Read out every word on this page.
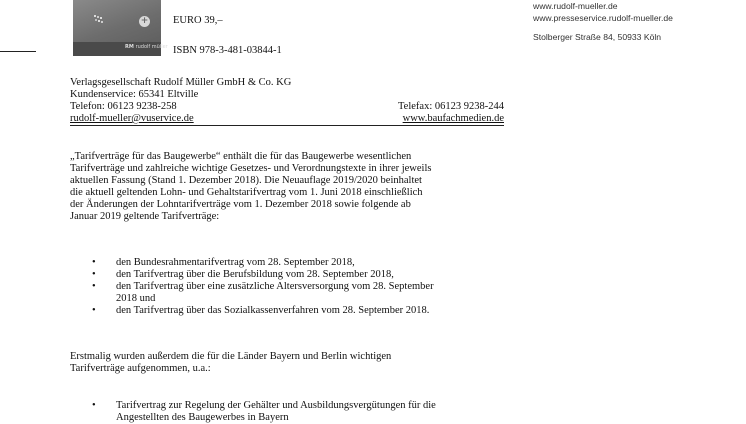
+
RM rudolf müller
EURO 39,–
ISBN 978-3-481-03844-1
www.rudolf-mueller.de
www.presseservice.rudolf-mueller.de
Stolberger Straße 84, 50933 Köln
Verlagsgesellschaft Rudolf Müller GmbH & Co. KG
Kundenservice: 65341 Eltville
Telefon: 06123 9238-258	Telefax: 06123 9238-244
rudolf-mueller@vuservice.de	www.baufachmedien.de
„Tarifverträge für das Baugewerbe“ enthält die für das Baugewerbe wesentlichen
Tarifverträge und zahlreiche wichtige Gesetzes- und Verordnungstexte in ihrer jeweils
aktuellen Fassung (Stand 1. Dezember 2018). Die Neuauflage 2019/2020 beinhaltet
die aktuell geltenden Lohn- und Gehaltstarifvertrag vom 1. Juni 2018 einschließlich
der Änderungen der Lohntarifverträge vom 1. Dezember 2018 sowie folgende ab
Januar 2019 geltende Tarifverträge:
• den Bundesrahmentarifvertrag vom 28. September 2018,
• den Tarifvertrag über die Berufsbildung vom 28. September 2018,
• den Tarifvertrag über eine zusätzliche Altersversorgung vom 28. September
2018 und
• den Tarifvertrag über das Sozialkassenverfahren vom 28. September 2018.
Erstmalig wurden außerdem die für die Länder Bayern und Berlin wichtigen
Tarifverträge aufgenommen, u.a.:
• Tarifvertrag zur Regelung der Gehälter und Ausbildungsvergütungen für die
Angestellten des Baugewerbes in Bayern
